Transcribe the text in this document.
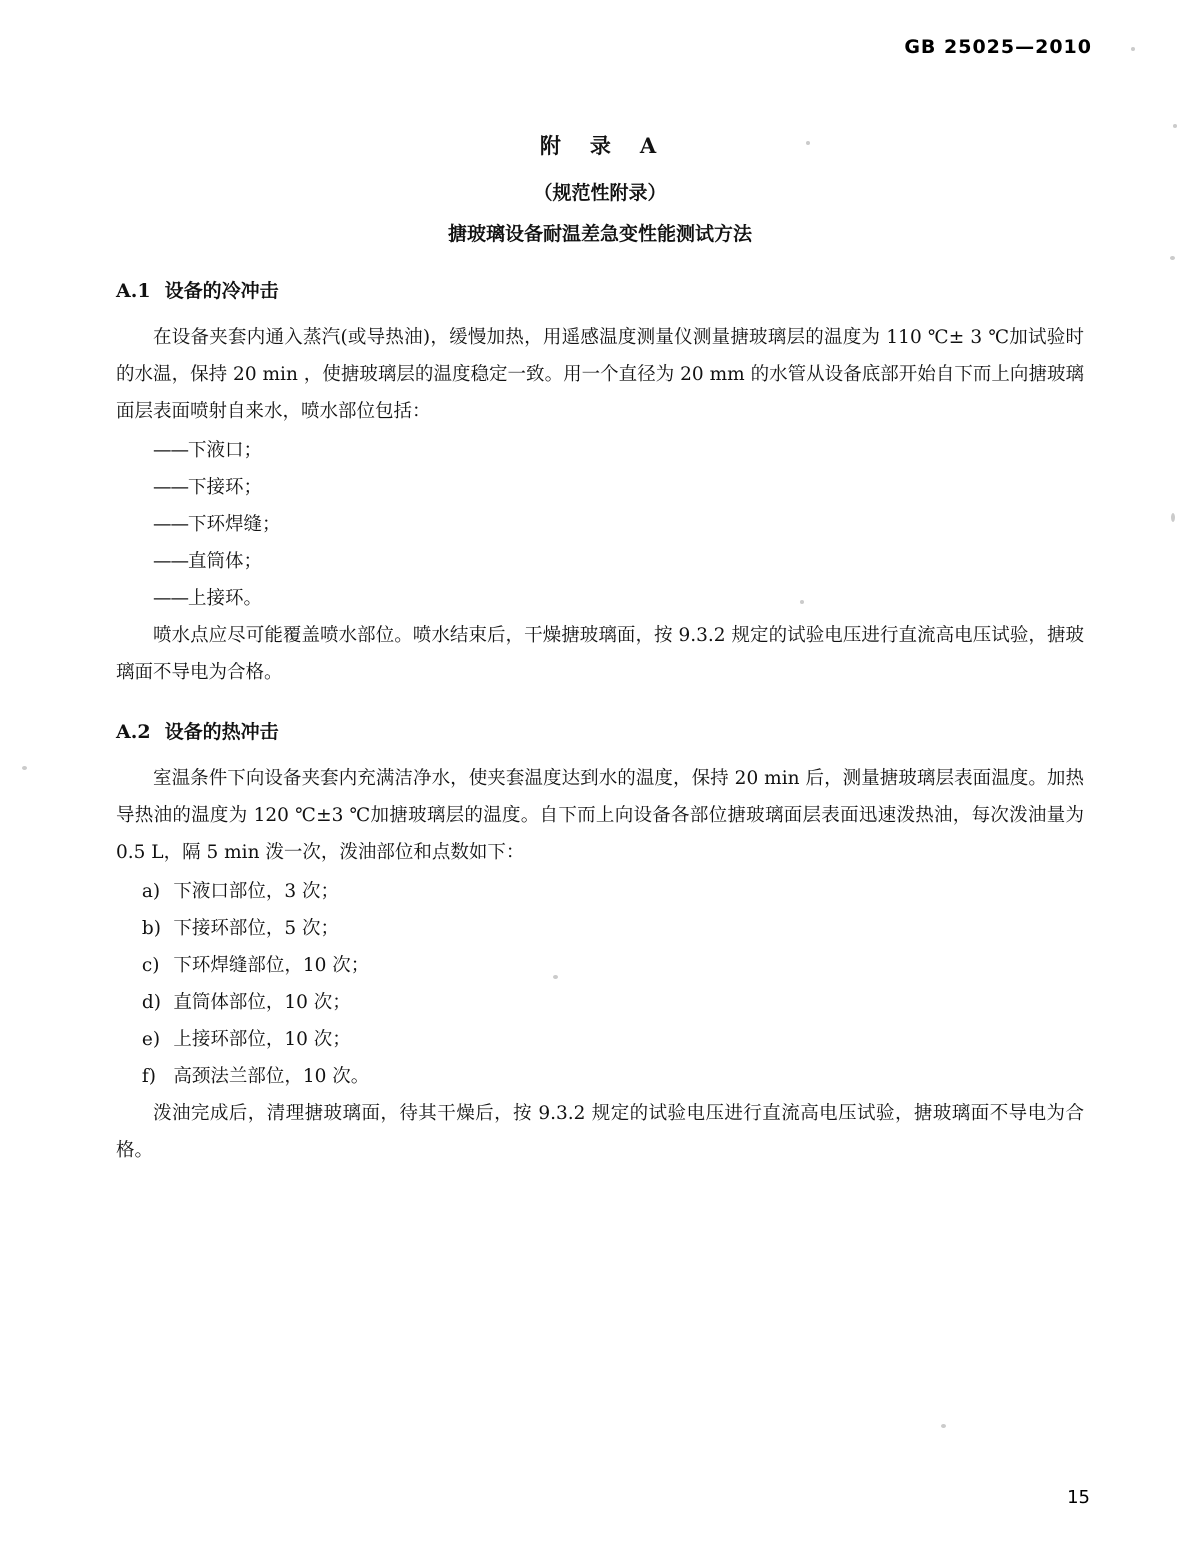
GB 25025—2010
附　录　A
（规范性附录）
搪玻璃设备耐温差急变性能测试方法
A.1 设备的冷冲击

在设备夹套内通入蒸汽(或导热油)，缓慢加热，用遥感温度测量仪测量搪玻璃层的温度为 110 ℃± 3 ℃加试验时的水温，保持 20 min ，使搪玻璃层的温度稳定一致。用一个直径为 20 mm 的水管从设备底部开始自下而上向搪玻璃面层表面喷射自来水，喷水部位包括：

——下液口；
——下接环；
——下环焊缝；
——直筒体；
——上接环。

喷水点应尽可能覆盖喷水部位。喷水结束后，干燥搪玻璃面，按 9.3.2 规定的试验电压进行直流高电压试验，搪玻璃面不导电为合格。

A.2 设备的热冲击

室温条件下向设备夹套内充满洁净水，使夹套温度达到水的温度，保持 20 min 后，测量搪玻璃层表面温度。加热导热油的温度为 120 ℃±3 ℃加搪玻璃层的温度。自下而上向设备各部位搪玻璃面层表面迅速泼热油，每次泼油量为 0.5 L，隔 5 min 泼一次，泼油部位和点数如下：

a) 下液口部位，3 次；
b) 下接环部位，5 次；
c) 下环焊缝部位，10 次；
d) 直筒体部位，10 次；
e) 上接环部位，10 次；
f) 高颈法兰部位，10 次。

泼油完成后，清理搪玻璃面，待其干燥后，按 9.3.2 规定的试验电压进行直流高电压试验，搪玻璃面不导电为合格。

15
